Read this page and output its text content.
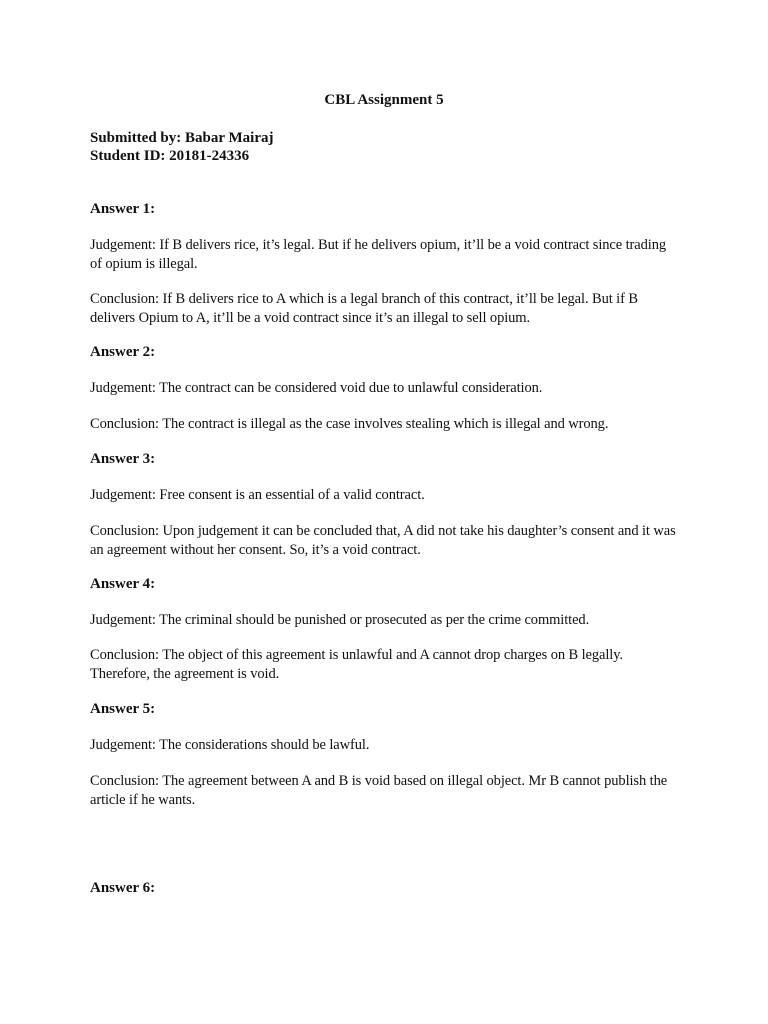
CBL Assignment 5
Submitted by: Babar Mairaj
Student ID: 20181-24336
Answer 1:
Judgement: If B delivers rice, it’s legal. But if he delivers opium, it’ll be a void contract since trading of opium is illegal.
Conclusion: If B delivers rice to A which is a legal branch of this contract, it’ll be legal. But if B delivers Opium to A, it’ll be a void contract since it’s an illegal to sell opium.
Answer 2:
Judgement: The contract can be considered void due to unlawful consideration.
Conclusion: The contract is illegal as the case involves stealing which is illegal and wrong.
Answer 3:
Judgement: Free consent is an essential of a valid contract.
Conclusion: Upon judgement it can be concluded that, A did not take his daughter’s consent and it was an agreement without her consent. So, it’s a void contract.
Answer 4:
Judgement: The criminal should be punished or prosecuted as per the crime committed.
Conclusion: The object of this agreement is unlawful and A cannot drop charges on B legally. Therefore, the agreement is void.
Answer 5:
Judgement: The considerations should be lawful.
Conclusion: The agreement between A and B is void based on illegal object. Mr B cannot publish the article if he wants.
Answer 6:
